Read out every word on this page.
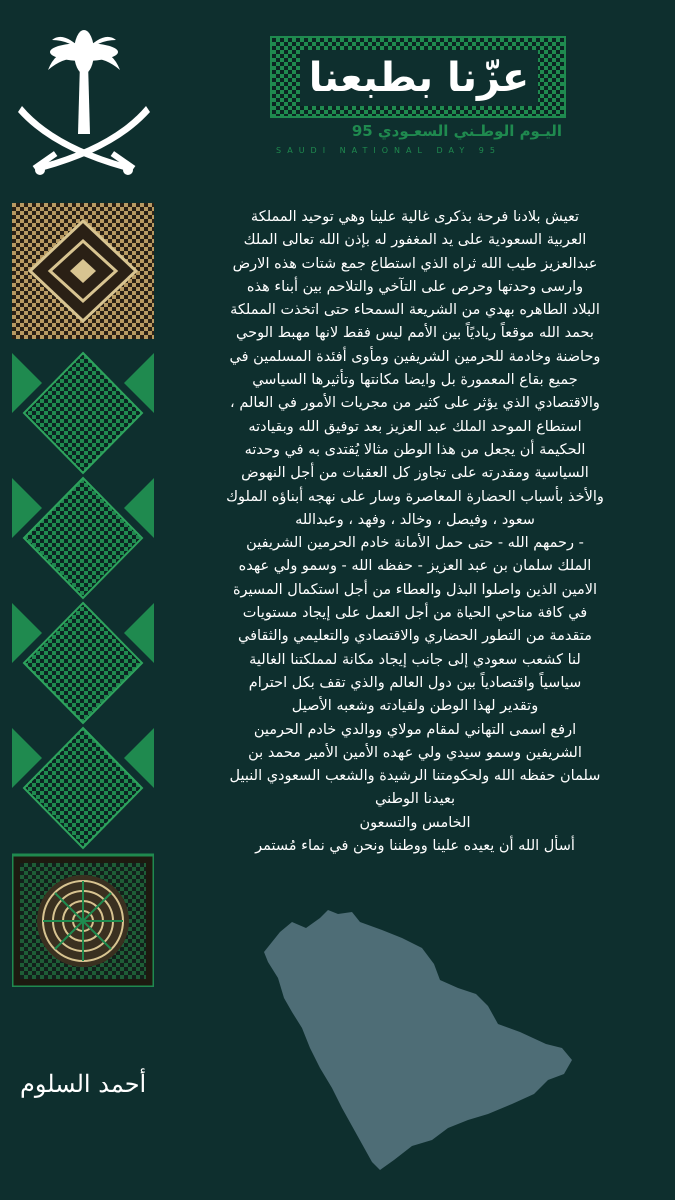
عزّنا بطبعنا
اليـوم الوطـني السعـودي 95
SAUDI NATIONAL DAY 95
تعيش بلادنا فرحة بذكرى غالية علينا وهي توحيد المملكة
العربية السعودية على يد المغفور له بإذن الله تعالى الملك
عبدالعزيز طيب الله ثراه الذي استطاع جمع شتات هذه الارض
وارسى وحدتها وحرص على التآخي والتلاحم بين أبناء هذه
البلاد الطاهره بهدي من الشريعة السمحاء حتى اتخذت المملكة
بحمد الله موقعاً رياديًاً بين الأمم ليس فقط لانها مهبط الوحي
وحاضنة وخادمة للحرمين الشريفين ومأوى أفئدة المسلمين في
جميع بقاع المعمورة بل وايضا مكانتها وتأثيرها السياسي
والاقتصادي الذي يؤثر على كثير من مجريات الأمور في العالم ،
استطاع الموحد الملك عبد العزيز بعد توفيق الله وبقيادته
الحكيمة أن يجعل من هذا الوطن مثالا يُقتدى به في وحدته
السياسية ومقدرته على تجاوز كل العقبات من أجل النهوض
والأخذ بأسباب الحضارة المعاصرة وسار على نهجه أبناؤه الملوك
سعود ، وفيصل ، وخالد ، وفهد ، وعبدالله
- رحمهم الله - حتى حمل الأمانة خادم الحرمين الشريفين
الملك سلمان بن عبد العزيز - حفظه الله - وسمو ولي عهده
الامين الذين واصلوا البذل والعطاء من أجل استكمال المسيرة
في كافة مناحي الحياة من أجل العمل على إيجاد مستويات
متقدمة من التطور الحضاري والاقتصادي والتعليمي والثقافي
لنا كشعب سعودي إلى جانب إيجاد مكانة لمملكتنا الغالية
سياسياً واقتصادياً بين دول العالم والذي تقف بكل احترام
وتقدير لهذا الوطن ولقيادته وشعبه الأصيل
ارفع اسمى التهاني لمقام مولاي ووالدي خادم الحرمين
الشريفين وسمو سيدي ولي عهده الأمين الأمير محمد بن
سلمان حفظه الله ولحكومتنا الرشيدة والشعب السعودي النبيل
بعيدنا الوطني
الخامس والتسعون
أسأل الله أن يعيده علينا ووطننا ونحن في نماء مُستمر
أحمد السلوم
